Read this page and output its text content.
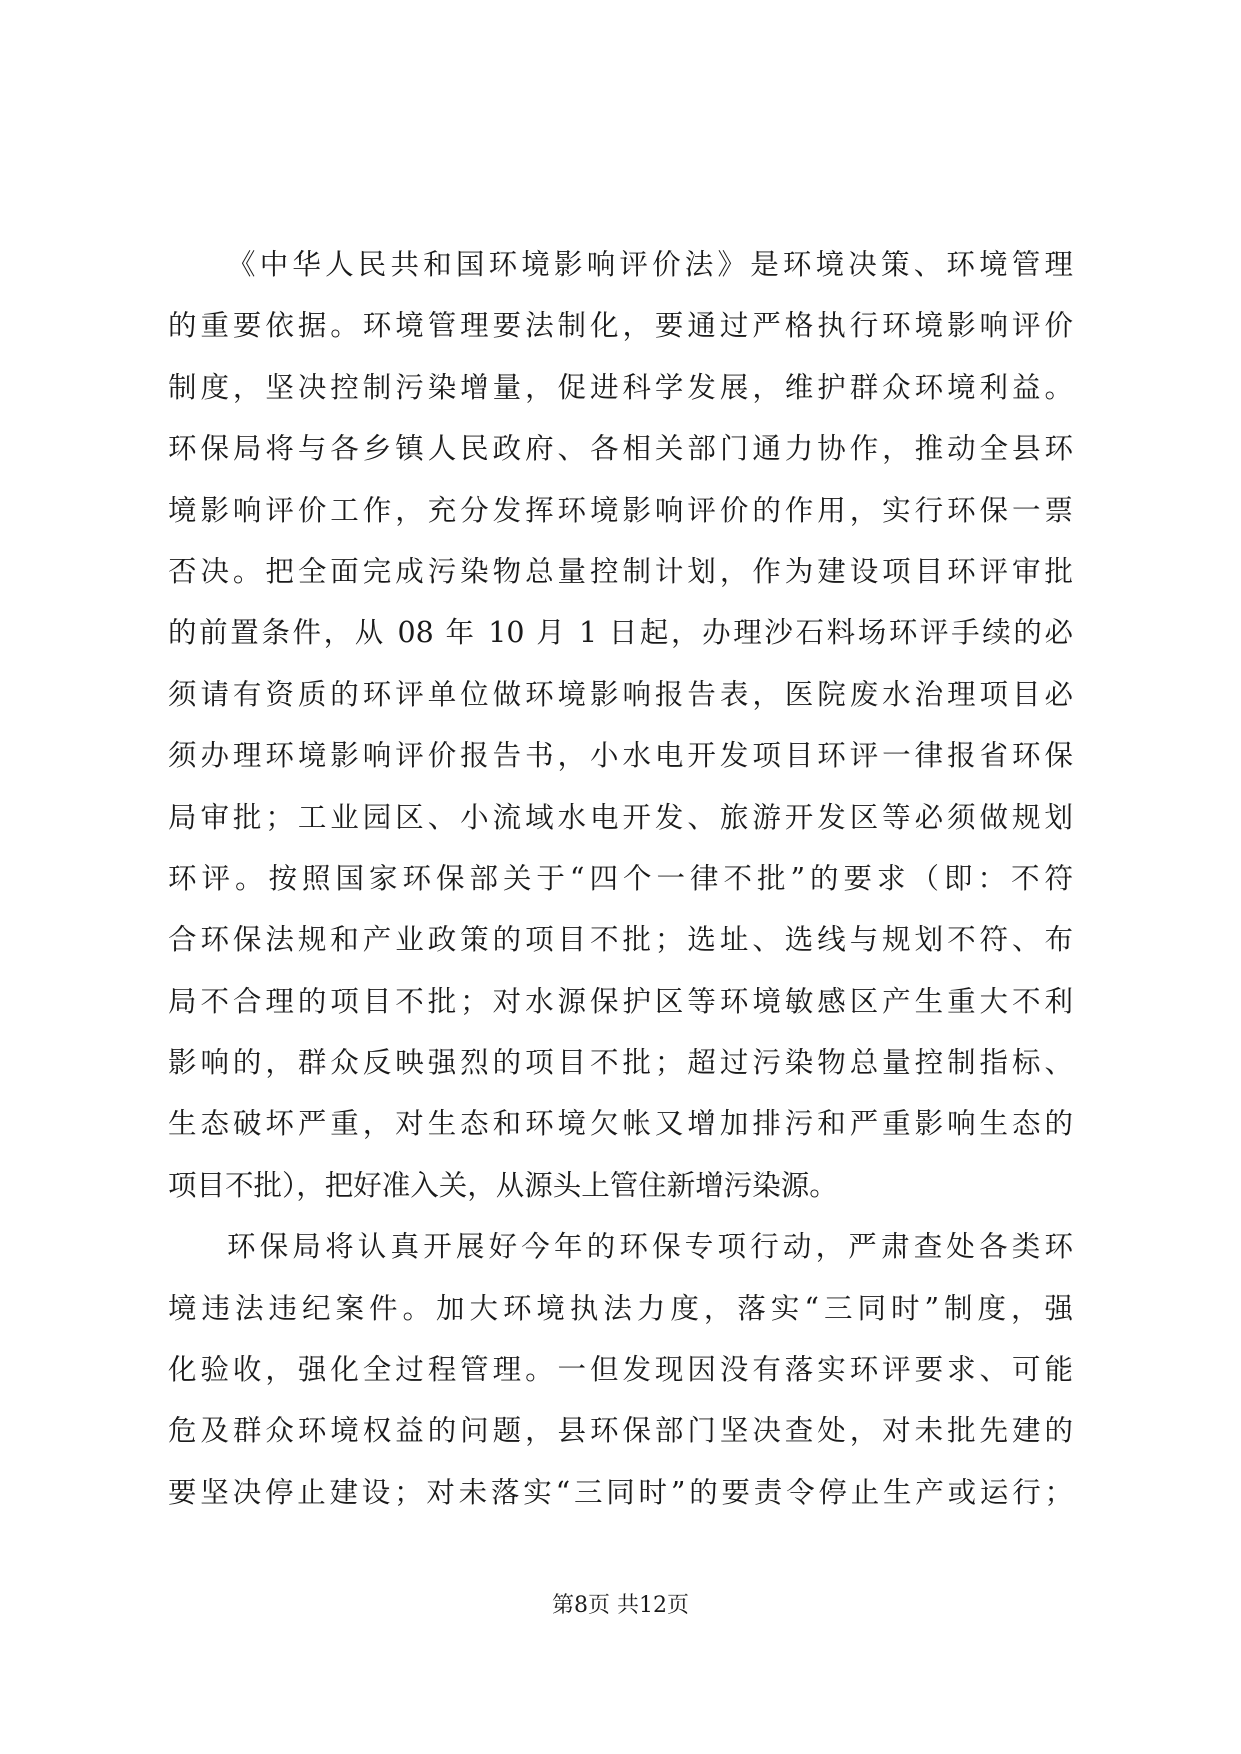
《中华人民共和国环境影响评价法》是环境决策、环境管理
的重要依据。环境管理要法制化，要通过严格执行环境影响评价
制度，坚决控制污染增量，促进科学发展，维护群众环境利益。
环保局将与各乡镇人民政府、各相关部门通力协作，推动全县环
境影响评价工作，充分发挥环境影响评价的作用，实行环保一票
否决。把全面完成污染物总量控制计划，作为建设项目环评审批
的前置条件，从 08 年 10 月 1 日起，办理沙石料场环评手续的必
须请有资质的环评单位做环境影响报告表，医院废水治理项目必
须办理环境影响评价报告书，小水电开发项目环评一律报省环保
局审批；工业园区、小流域水电开发、旅游开发区等必须做规划
环评。按照国家环保部关于“四个一律不批”的要求（即：不符
合环保法规和产业政策的项目不批；选址、选线与规划不符、布
局不合理的项目不批；对水源保护区等环境敏感区产生重大不利
影响的，群众反映强烈的项目不批；超过污染物总量控制指标、
生态破坏严重，对生态和环境欠帐又增加排污和严重影响生态的
项目不批），把好准入关，从源头上管住新增污染源。
环保局将认真开展好今年的环保专项行动，严肃查处各类环
境违法违纪案件。加大环境执法力度，落实“三同时”制度，强
化验收，强化全过程管理。一但发现因没有落实环评要求、可能
危及群众环境权益的问题，县环保部门坚决查处，对未批先建的
要坚决停止建设；对未落实“三同时”的要责令停止生产或运行；
第8页 共12页
